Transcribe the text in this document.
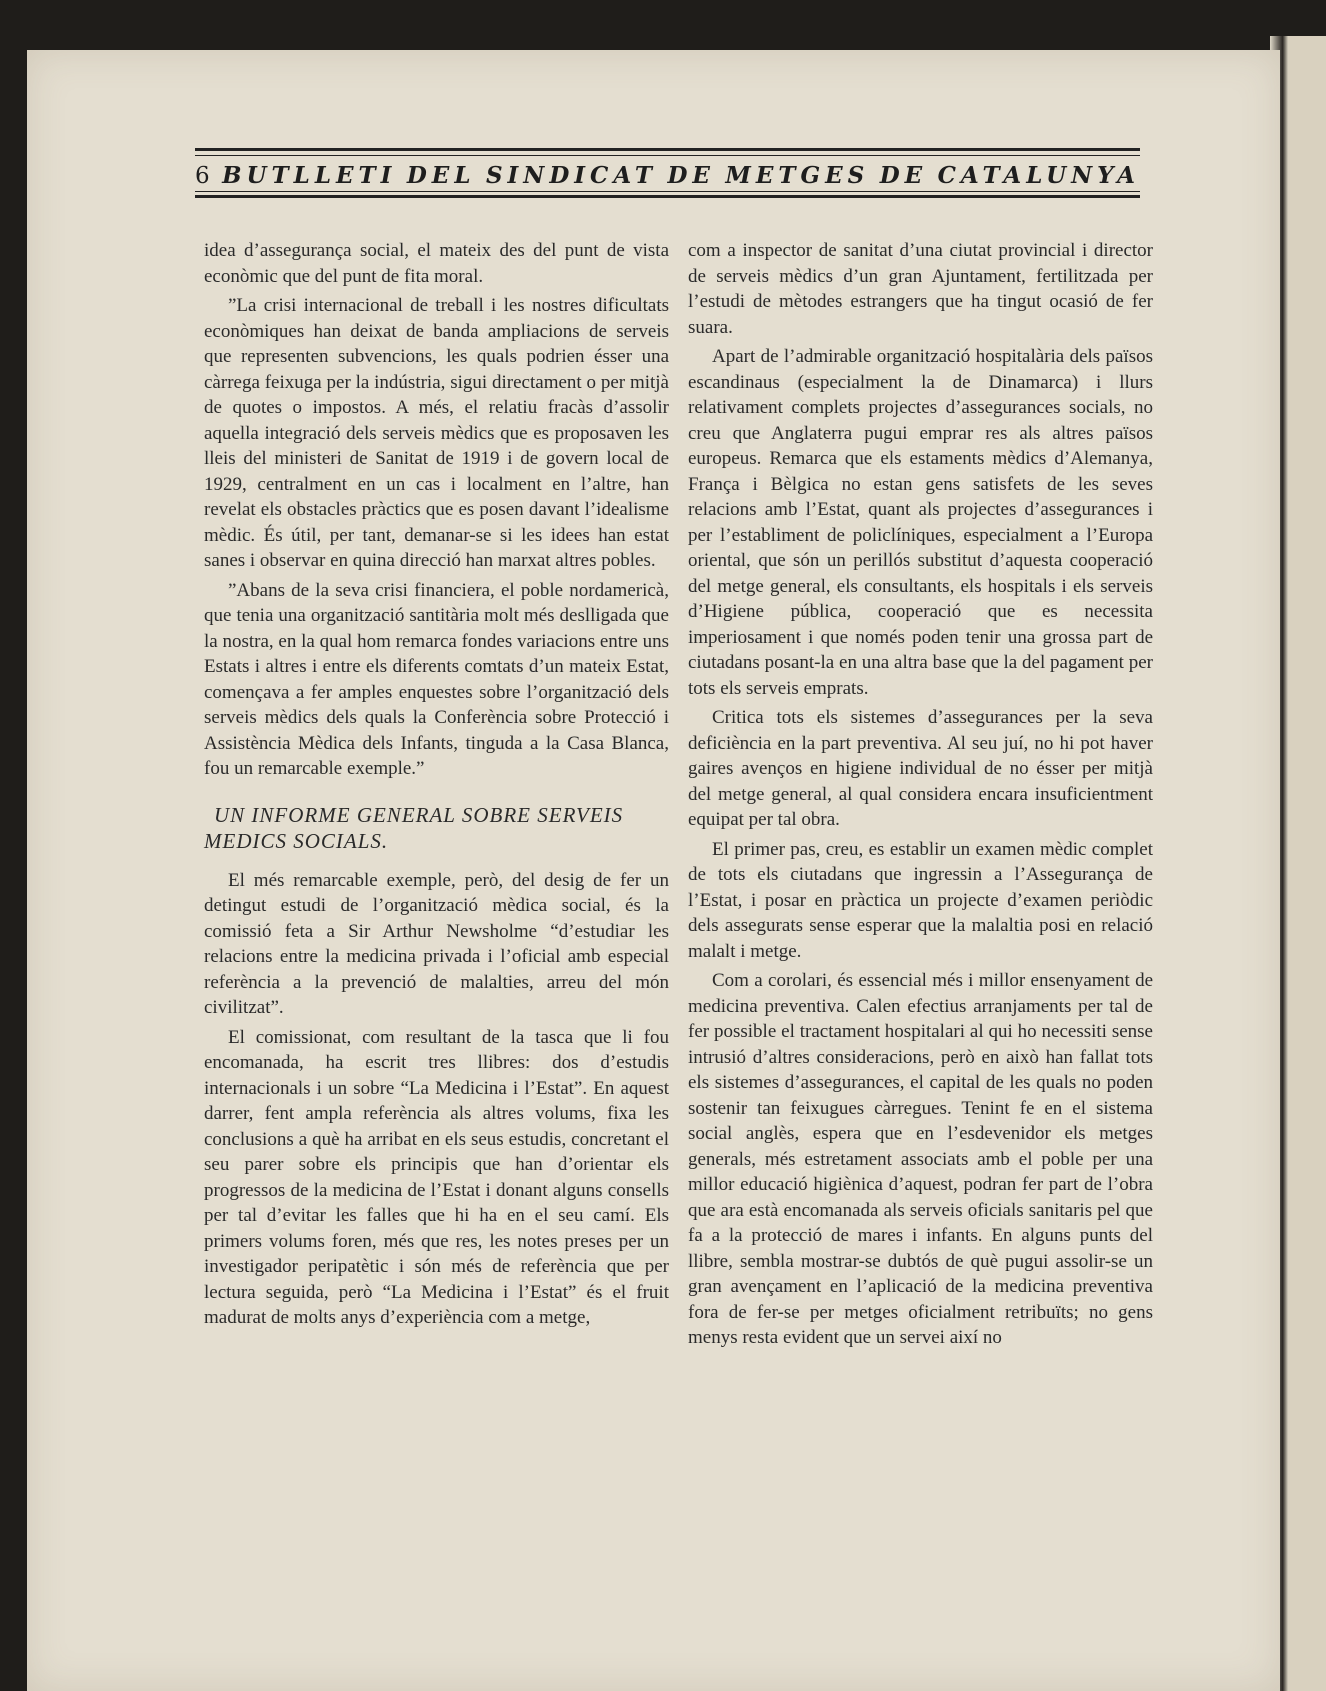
6 BUTLLETI DEL SINDICAT DE METGES DE CATALUNYA

idea d’assegurança social, el mateix des del punt de vista econòmic que del punt de fita moral.

”La crisi internacional de treball i les nostres dificultats econòmiques han deixat de banda ampliacions de serveis que representen subvencions, les quals podrien ésser una càrrega feixuga per la indústria, sigui directament o per mitjà de quotes o impostos. A més, el relatiu fracàs d’assolir aquella integració dels serveis mèdics que es proposaven les lleis del ministeri de Sanitat de 1919 i de govern local de 1929, centralment en un cas i localment en l’altre, han revelat els obstacles pràctics que es posen davant l’idealisme mèdic. És útil, per tant, demanar-se si les idees han estat sanes i observar en quina direcció han marxat altres pobles.

”Abans de la seva crisi financiera, el poble nordamericà, que tenia una organització santitària molt més deslligada que la nostra, en la qual hom remarca fondes variacions entre uns Estats i altres i entre els diferents comtats d’un mateix Estat, començava a fer amples enquestes sobre l’organització dels serveis mèdics dels quals la Conferència sobre Protecció i Assistència Mèdica dels Infants, tinguda a la Casa Blanca, fou un remarcable exemple.”

UN INFORME GENERAL SOBRE SERVEIS MEDICS SOCIALS.

El més remarcable exemple, però, del desig de fer un detingut estudi de l’organització mèdica social, és la comissió feta a Sir Arthur Newsholme “d’estudiar les relacions entre la medicina privada i l’oficial amb especial referència a la prevenció de malalties, arreu del món civilitzat”.

El comissionat, com resultant de la tasca que li fou encomanada, ha escrit tres llibres: dos d’estudis internacionals i un sobre “La Medicina i l’Estat”. En aquest darrer, fent ampla referència als altres volums, fixa les conclusions a què ha arribat en els seus estudis, concretant el seu parer sobre els principis que han d’orientar els progressos de la medicina de l’Estat i donant alguns consells per tal d’evitar les falles que hi ha en el seu camí. Els primers volums foren, més que res, les notes preses per un investigador peripatètic i són més de referència que per lectura seguida, però “La Medicina i l’Estat” és el fruit madurat de molts anys d’experiència com a metge,

com a inspector de sanitat d’una ciutat provincial i director de serveis mèdics d’un gran Ajuntament, fertilitzada per l’estudi de mètodes estrangers que ha tingut ocasió de fer suara.

Apart de l’admirable organització hospitalària dels països escandinaus (especialment la de Dinamarca) i llurs relativament complets projectes d’assegurances socials, no creu que Anglaterra pugui emprar res als altres països europeus. Remarca que els estaments mèdics d’Alemanya, França i Bèlgica no estan gens satisfets de les seves relacions amb l’Estat, quant als projectes d’assegurances i per l’establiment de policlíniques, especialment a l’Europa oriental, que són un perillós substitut d’aquesta cooperació del metge general, els consultants, els hospitals i els serveis d’Higiene pública, cooperació que es necessita imperiosament i que només poden tenir una grossa part de ciutadans posant-la en una altra base que la del pagament per tots els serveis emprats.

Critica tots els sistemes d’assegurances per la seva deficiència en la part preventiva. Al seu juí, no hi pot haver gaires avenços en higiene individual de no ésser per mitjà del metge general, al qual considera encara insuficientment equipat per tal obra.

El primer pas, creu, es establir un examen mèdic complet de tots els ciutadans que ingressin a l’Assegurança de l’Estat, i posar en pràctica un projecte d’examen periòdic dels assegurats sense esperar que la malaltia posi en relació malalt i metge.

Com a corolari, és essencial més i millor ensenyament de medicina preventiva. Calen efectius arranjaments per tal de fer possible el tractament hospitalari al qui ho necessiti sense intrusió d’altres consideracions, però en això han fallat tots els sistemes d’assegurances, el capital de les quals no poden sostenir tan feixugues càrregues. Tenint fe en el sistema social anglès, espera que en l’esdevenidor els metges generals, més estretament associats amb el poble per una millor educació higiènica d’aquest, podran fer part de l’obra que ara està encomanada als serveis oficials sanitaris pel que fa a la protecció de mares i infants. En alguns punts del llibre, sembla mostrar-se dubtós de què pugui assolir-se un gran avençament en l’aplicació de la medicina preventiva fora de fer-se per metges oficialment retribuïts; no gens menys resta evident que un servei així no
